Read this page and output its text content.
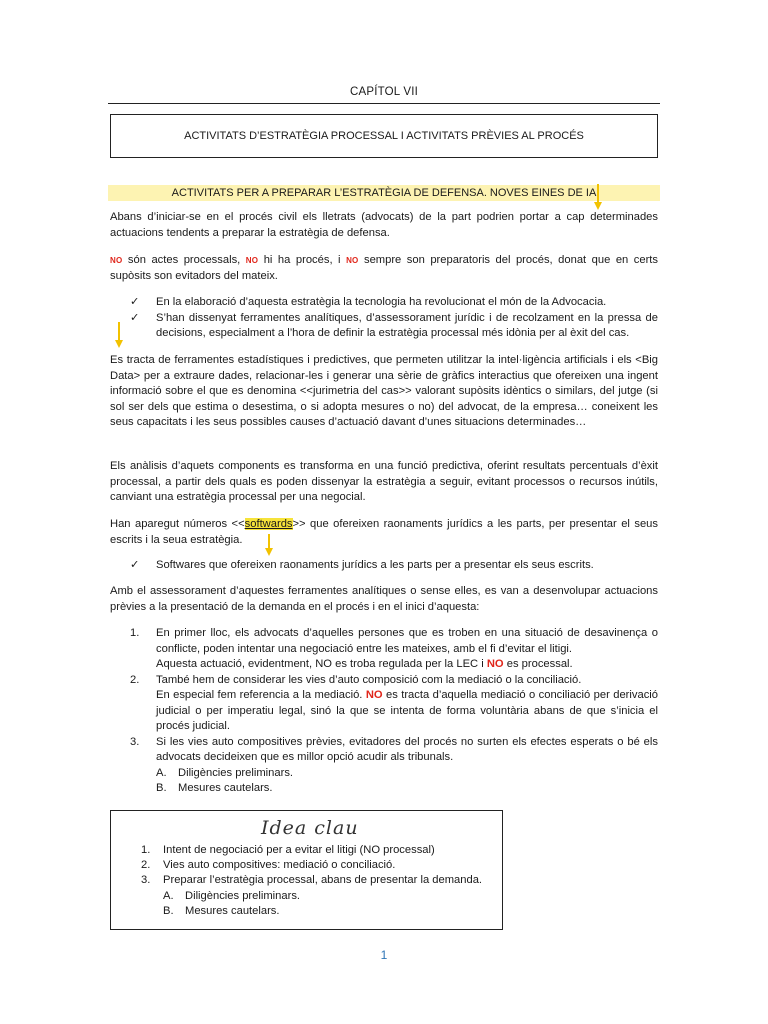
CAPÍTOL VII
ACTIVITATS D’ESTRATÈGIA PROCESSAL I ACTIVITATS PRÈVIES AL PROCÉS
ACTIVITATS PER A PREPARAR L’ESTRATÈGIA DE DEFENSA. NOVES EINES DE IA

Abans d’iniciar-se en el procés civil els lletrats (advocats) de la part podrien portar a cap determinades actuacions tendents a preparar la estratègia de defensa.

NO són actes processals, NO hi ha procés, i NO sempre son preparatoris del procés, donat que en certs supòsits son evitadors del mateix.

✓ En la elaboració d’aquesta estratègia la tecnologia ha revolucionat el món de la Advocacia.
✓ S’han dissenyat ferramentes analítiques, d’assessorament jurídic i de recolzament en la pressa de decisions, especialment a l’hora de definir la estratègia processal més idònia per al èxit del cas.

Es tracta de ferramentes estadístiques i predictives, que permeten utilitzar la intel·ligència artificials i els <Big Data> per a extraure dades, relacionar-les i generar una sèrie de gràfics interactius que ofereixen una ingent informació sobre el que es denomina <<jurimetria del cas>> valorant supòsits idèntics o similars, del jutge (si sol ser dels que estima o desestima, o si adopta mesures o no) del advocat, de la empresa… coneixent les seus capacitats i les seus possibles causes d’actuació davant d’unes situacions determinades…

Els anàlisis d’aquets components es transforma en una funció predictiva, oferint resultats percentuals d’èxit processal, a partir dels quals es poden dissenyar la estratègia a seguir, evitant processos o recursos inútils, canviant una estratègia processal per una negocial.

Han aparegut números <<softwards>> que ofereixen raonaments jurídics a les parts, per presentar el seus escrits i la seua estratègia.

✓ Softwares que ofereixen raonaments jurídics a les parts per a presentar els seus escrits.

Amb el assessorament d’aquestes ferramentes analítiques o sense elles, es van a desenvolupar actuacions prèvies a la presentació de la demanda en el procés i en el inici d’aquesta:

1. En primer lloc, els advocats d’aquelles persones que es troben en una situació de desavinença o conflicte, poden intentar una negociació entre les mateixes, amb el fi d’evitar el litigi.
Aquesta actuació, evidentment, NO es troba regulada per la LEC i NO es processal.
2. També hem de considerar les vies d’auto composició com la mediació o la conciliació.
En especial fem referencia a la mediació. NO es tracta d’aquella mediació o conciliació per derivació judicial o per imperatiu legal, sinó la que se intenta de forma voluntària abans de que s’inicia el procés judicial.
3. Si les vies auto compositives prèvies, evitadores del procés no surten els efectes esperats o bé els advocats decideixen que es millor opció acudir als tribunals.
A. Diligències preliminars.
B. Mesures cautelars.
Idea clau
1. Intent de negociació per a evitar el litigi (NO processal)
2. Vies auto compositives: mediació o conciliació.
3. Preparar l’estratègia processal, abans de presentar la demanda.
A. Diligències preliminars.
B. Mesures cautelars.
1
